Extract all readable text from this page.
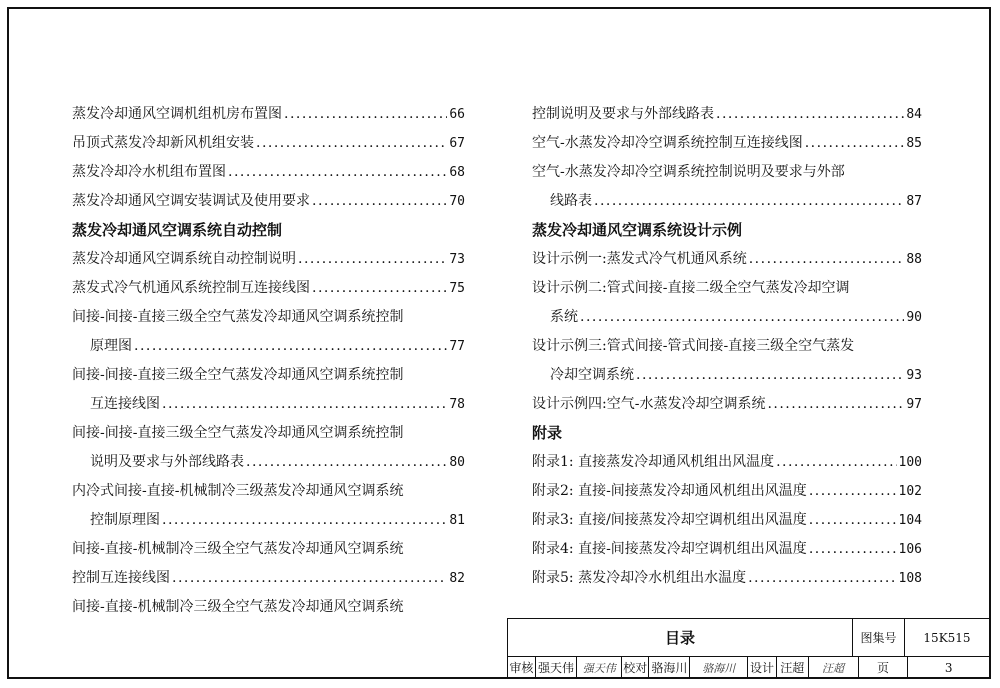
蒸发冷却通风空调机组机房布置图 .....	66
吊顶式蒸发冷却新风机组安装 .....	67
蒸发冷却冷水机组布置图 .....	68
蒸发冷却通风空调安装调试及使用要求 .....	70
蒸发冷却通风空调系统自动控制
蒸发冷却通风空调系统自动控制说明 .....	73
蒸发式冷气机通风系统控制互连接线图 .....	75
间接-间接-直接三级全空气蒸发冷却通风空调系统控制
原理图 .....	77
间接-间接-直接三级全空气蒸发冷却通风空调系统控制
互连接线图 .....	78
间接-间接-直接三级全空气蒸发冷却通风空调系统控制
说明及要求与外部线路表 .....	80
内冷式间接-直接-机械制冷三级蒸发冷却通风空调系统
控制原理图 .....	81
间接-直接-机械制冷三级全空气蒸发冷却通风空调系统
控制互连接线图 .....	82
间接-直接-机械制冷三级全空气蒸发冷却通风空调系统
控制说明及要求与外部线路表 .....	84
空气-水蒸发冷却冷空调系统控制互连接线图 .....	85
空气-水蒸发冷却冷空调系统控制说明及要求与外部
线路表 .....	87
蒸发冷却通风空调系统设计示例
设计示例一:蒸发式冷气机通风系统 .....	88
设计示例二:管式间接-直接二级全空气蒸发冷却空调
系统 .....	90
设计示例三:管式间接-管式间接-直接三级全空气蒸发
冷却空调系统 .....	93
设计示例四:空气-水蒸发冷却空调系统 .....	97
附录
附录1: 直接蒸发冷却通风机组出风温度 .....	100
附录2: 直接-间接蒸发冷却通风机组出风温度 .....	102
附录3: 直接/间接蒸发冷却空调机组出风温度 .....	104
附录4: 直接-间接蒸发冷却空调机组出风温度 .....	106
附录5: 蒸发冷却冷水机组出水温度 .....	108
目录	图集号	15K515
审核 强天伟 强天伟 校对 骆海川	骆海川	设计 汪超	汪超	页	3
